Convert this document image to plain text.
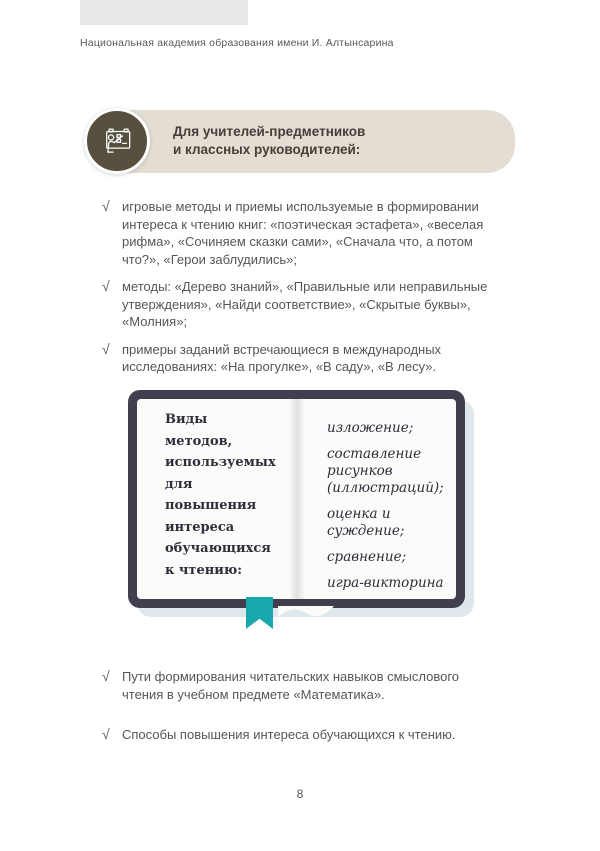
Национальная академия образования имени И. Алтынсарина
Для учителей-предметников
и классных руководителей:
√ игровые методы и приемы используемые в формировании интереса к чтению книг: «поэтическая эстафета», «веселая рифма», «Сочиняем сказки сами», «Сначала что, а потом что?», «Герои заблудились»;
√ методы: «Дерево знаний», «Правильные или неправильные утверждения», «Найди соответствие», «Скрытые буквы», «Молния»;
√ примеры заданий встречающиеся в международных исследованиях: «На прогулке», «В саду», «В лесу».
Виды методов, используемых для повышения интереса обучающихся к чтению:

изложение;

составление рисунков (иллюстраций);

оценка и суждение;

сравнение;

игра-викторина

√ Пути формирования читательских навыков смыслового чтения в учебном предмете «Математика».
√ Способы повышения интереса обучающихся к чтению.
8
